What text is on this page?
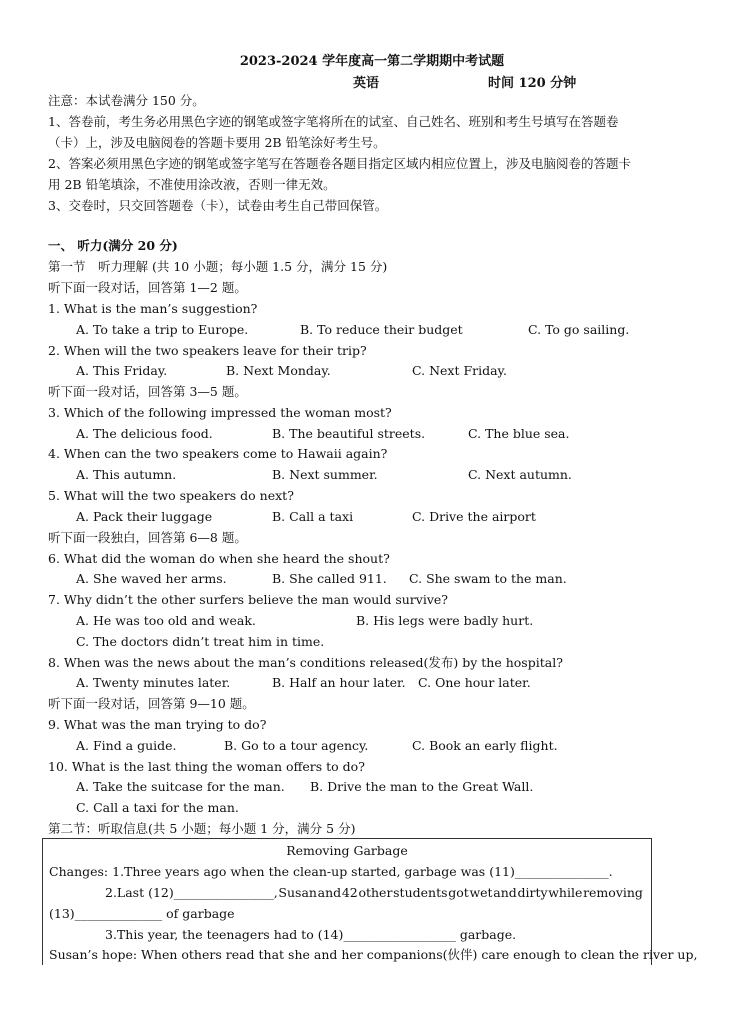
2023-2024 学年度高一第二学期期中考试题
英语	时间 120 分钟
注意：本试卷满分 150 分。
1、答卷前，考生务必用黑色字迹的钢笔或签字笔将所在的试室、自己姓名、班别和考生号填写在答题卷
（卡）上，涉及电脑阅卷的答题卡要用 2B 铅笔涂好考生号。
2、答案必须用黑色字迹的钢笔或签字笔写在答题卷各题目指定区域内相应位置上，涉及电脑阅卷的答题卡
用 2B 铅笔填涂，不准使用涂改液，否则一律无效。
3、交卷时，只交回答题卷（卡），试卷由考生自己带回保管。
一、 听力(满分 20 分)
第一节　听力理解 (共 10 小题；每小题 1.5 分，满分 15 分)
听下面一段对话，回答第 1—2 题。
1. What is the man’s suggestion?
A. To take a trip to Europe.	B. To reduce their budget	C. To go sailing.
2. When will the two speakers leave for their trip?
A. This Friday.	B. Next Monday.	C. Next Friday.
听下面一段对话，回答第 3—5 题。
3. Which of the following impressed the woman most?
A. The delicious food.	B. The beautiful streets.	C. The blue sea.
4. When can the two speakers come to Hawaii again?
A. This autumn.	B. Next summer.	C. Next autumn.
5. What will the two speakers do next?
A. Pack their luggage	B. Call a taxi	C. Drive the airport
听下面一段独白，回答第 6—8 题。
6. What did the woman do when she heard the shout?
A. She waved her arms.	B. She called 911. C. She swam to the man.
7. Why didn’t the other surfers believe the man would survive?
A. He was too old and weak.	B. His legs were badly hurt.
C. The doctors didn’t treat him in time.
8. When was the news about the man’s conditions released(发布) by the hospital?
A. Twenty minutes later.	B. Half an hour later. C. One hour later.
听下面一段对话，回答第 9—10 题。
9. What was the man trying to do?
A. Find a guide.	B. Go to a tour agency.	C. Book an early flight.
10. What is the last thing the woman offers to do?
A. Take the suitcase for the man. B. Drive the man to the Great Wall.
C. Call a taxi for the man.
第二节：听取信息(共 5 小题；每小题 1 分，满分 5 分)
Removing Garbage
Changes: 1.Three years ago when the clean-up started, garbage was (11)_______________.
2.Last (12)________________, Susan and 42 other students got wet and dirty while removing
(13)______________ of garbage
3.This year, the teenagers had to (14)__________________ garbage.
Susan’s hope: When others read that she and her companions(伙伴) care enough to clean the river up,
